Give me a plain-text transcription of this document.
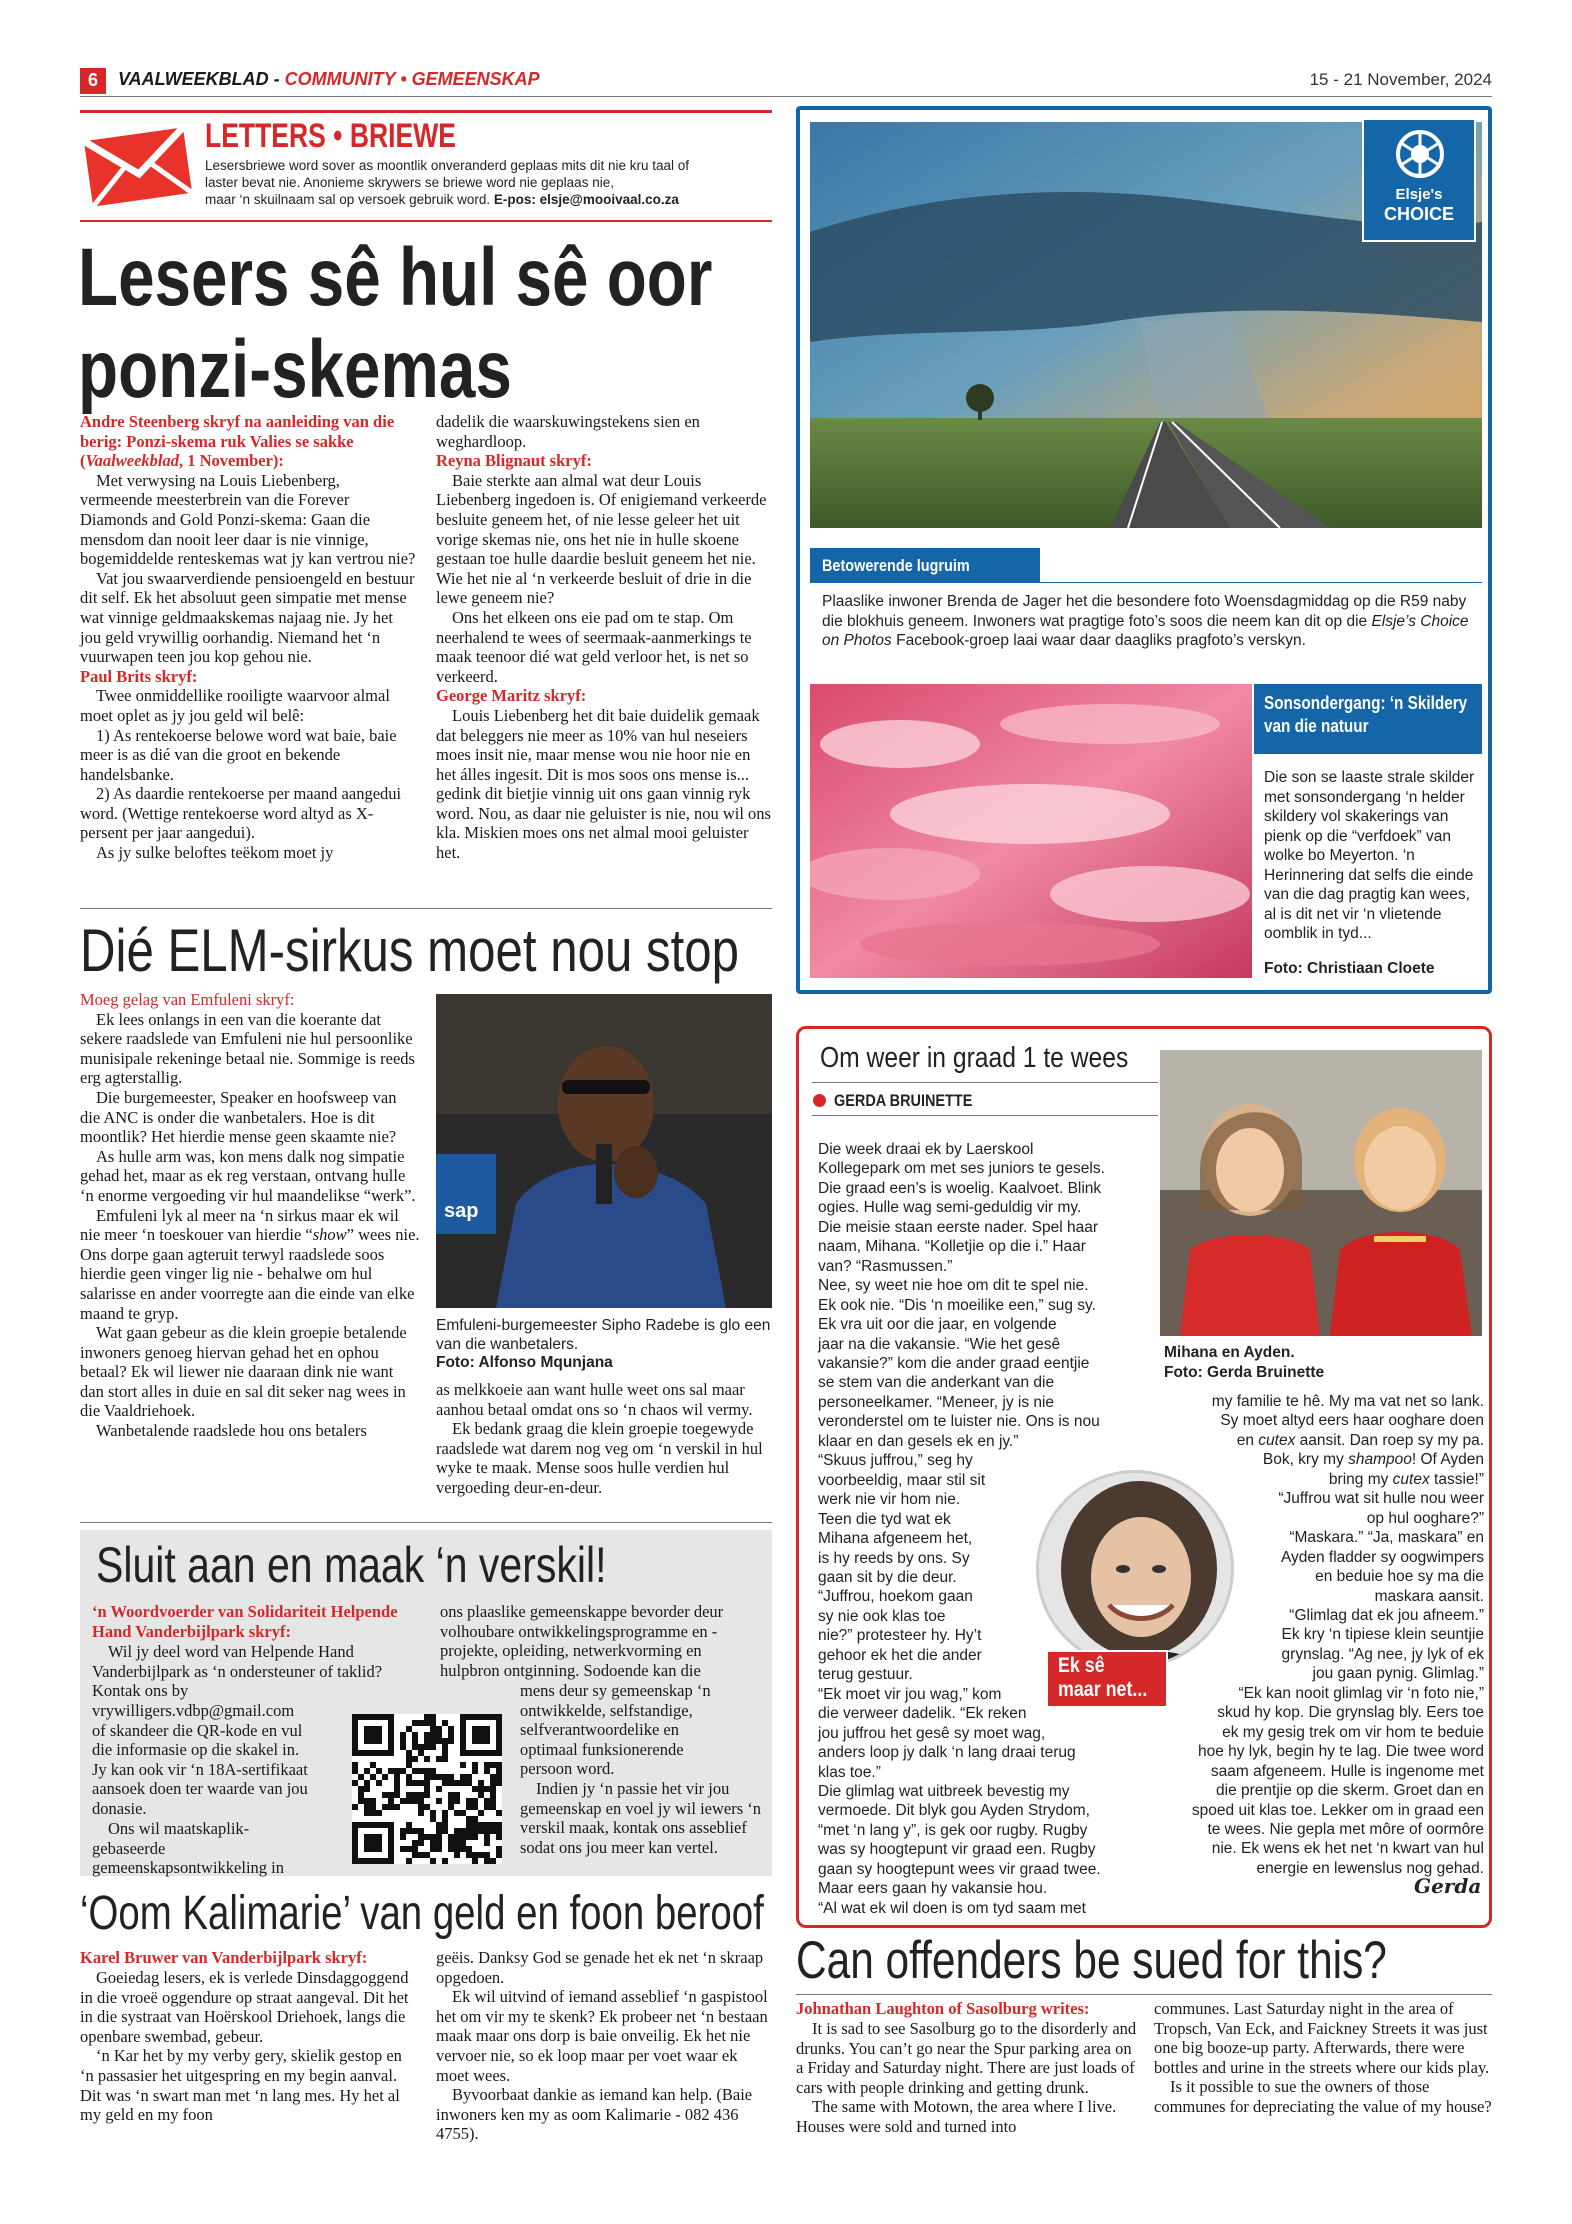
6	VAALWEEKBLAD - COMMUNITY • GEMEENSKAP	15 - 21 November, 2024
LETTERS • BRIEWE
Lesersbriewe word sover as moontlik onveranderd geplaas mits dit nie kru taal of
laster bevat nie. Anonieme skrywers se briewe word nie geplaas nie,
maar ‘n skuilnaam sal op versoek gebruik word. E-pos: elsje@mooivaal.co.za
Lesers sê hul sê oor
ponzi-skemas
Andre Steenberg skryf na aanleiding van die berig: Ponzi-skema ruk Valies se sakke (Vaalweekblad, 1 November):
Met verwysing na Louis Liebenberg, vermeende meesterbrein van die Forever Diamonds and Gold Ponzi-skema: Gaan die mensdom dan nooit leer daar is nie vinnige, bogemiddelde renteskemas wat jy kan vertrou nie?
Vat jou swaarverdiende pensioengeld en bestuur dit self. Ek het absoluut geen simpatie met mense wat vinnige geldmaakskemas najaag nie. Jy het jou geld vrywillig oorhandig. Niemand het ‘n vuurwapen teen jou kop gehou nie.
Paul Brits skryf:
Twee onmiddellike rooiligte waarvoor almal moet oplet as jy jou geld wil belê:
1) As rentekoerse belowe word wat baie, baie meer is as dié van die groot en bekende handelsbanke.
2) As daardie rentekoerse per maand aangedui word. (Wettige rentekoerse word altyd as X-persent per jaar aangedui).
As jy sulke beloftes teëkom moet jy
dadelik die waarskuwingstekens sien en weghardloop.
Reyna Blignaut skryf:
Baie sterkte aan almal wat deur Louis Liebenberg ingedoen is. Of enigiemand verkeerde besluite geneem het, of nie lesse geleer het uit vorige skemas nie, ons het nie in hulle skoene gestaan toe hulle daardie besluit geneem het nie. Wie het nie al ‘n verkeerde besluit of drie in die lewe geneem nie?
Ons het elkeen ons eie pad om te stap. Om neerhalend te wees of seermaak-aanmerkings te maak teenoor dié wat geld verloor het, is net so verkeerd.
George Maritz skryf:
Louis Liebenberg het dit baie duidelik gemaak dat beleggers nie meer as 10% van hul neseiers moes insit nie, maar mense wou nie hoor nie en het álles ingesit. Dit is mos soos ons mense is... gedink dit bietjie vinnig uit ons gaan vinnig ryk word. Nou, as daar nie geluister is nie, nou wil ons kla. Miskien moes ons net almal mooi geluister het.
Elsje's
CHOICE
Betowerende lugruim
Plaaslike inwoner Brenda de Jager het die besondere foto Woensdagmiddag op die R59 naby die blokhuis geneem. Inwoners wat pragtige foto’s soos die neem kan dit op die Elsje’s Choice on Photos Facebook-groep laai waar daar daagliks pragfoto’s verskyn.
Sonsondergang: ‘n Skildery van die natuur
Die son se laaste strale skilder met sonsondergang ‘n helder skildery vol skakerings van pienk op die “verfdoek” van wolke bo Meyerton. ‘n Herinnering dat selfs die einde van die dag pragtig kan wees, al is dit net vir ‘n vlietende oomblik in tyd...
Foto: Christiaan Cloete
Dié ELM-sirkus moet nou stop
Moeg gelag van Emfuleni skryf:
Ek lees onlangs in een van die koerante dat sekere raadslede van Emfuleni nie hul persoonlike munisipale rekeninge betaal nie. Sommige is reeds erg agterstallig.
Die burgemeester, Speaker en hoofsweep van die ANC is onder die wanbetalers. Hoe is dit moontlik? Het hierdie mense geen skaamte nie?
As hulle arm was, kon mens dalk nog simpatie gehad het, maar as ek reg verstaan, ontvang hulle ‘n enorme vergoeding vir hul maandelikse “werk”.
Emfuleni lyk al meer na ‘n sirkus maar ek wil nie meer ‘n toeskouer van hierdie “show” wees nie. Ons dorpe gaan agteruit terwyl raadslede soos hierdie geen vinger lig nie - behalwe om hul salarisse en ander voorregte aan die einde van elke maand te gryp.
Wat gaan gebeur as die klein groepie betalende inwoners genoeg hiervan gehad het en ophou betaal? Ek wil liewer nie daaraan dink nie want dan stort alles in duie en sal dit seker nag wees in die Vaaldriehoek.
Wanbetalende raadslede hou ons betalers
sap
Emfuleni-burgemeester Sipho Radebe is glo een van die wanbetalers.
Foto: Alfonso Mqunjana
as melkkoeie aan want hulle weet ons sal maar aanhou betaal omdat ons so ‘n chaos wil vermy.
Ek bedank graag die klein groepie toegewyde raadslede wat darem nog veg om ‘n verskil in hul wyke te maak. Mense soos hulle verdien hul vergoeding deur-en-deur.
Sluit aan en maak ‘n verskil!
‘n Woordvoerder van Solidariteit Helpende Hand Vanderbijlpark skryf:
Wil jy deel word van Helpende Hand Vanderbijlpark as ‘n ondersteuner of taklid? Kontak ons by
vrywilligers.vdbp@gmail.com
of skandeer die QR-kode en vul
die informasie op die skakel in.
Jy kan ook vir ‘n 18A-sertifikaat
aansoek doen ter waarde van jou
donasie.
Ons wil maatskaplik-
gebaseerde
gemeenskapsontwikkeling in
ons plaaslike gemeenskappe bevorder deur volhoubare ontwikkelingsprogramme en -projekte, opleiding, netwerkvorming en hulpbron ontginning. Sodoende kan die
mens deur sy gemeenskap ‘n
ontwikkelde, selfstandige,
selfverantwoordelike en
optimaal funksionerende
persoon word.
Indien jy ‘n passie het vir jou gemeenskap en voel jy wil iewers ‘n verskil maak, kontak ons asseblief sodat ons jou meer kan vertel.
‘Oom Kalimarie’ van geld en foon beroof
Karel Bruwer van Vanderbijlpark skryf:
Goeiedag lesers, ek is verlede Dinsdaggoggend in die vroeë oggendure op straat aangeval. Dit het in die systraat van Hoërskool Driehoek, langs die openbare swembad, gebeur.
‘n Kar het by my verby gery, skielik gestop en ‘n passasier het uitgespring en my begin aanval. Dit was ‘n swart man met ‘n lang mes. Hy het al my geld en my foon
geëis. Danksy God se genade het ek net ‘n skraap opgedoen.
Ek wil uitvind of iemand asseblief ‘n gaspistool het om vir my te skenk? Ek probeer net ‘n bestaan maak maar ons dorp is baie onveilig. Ek het nie vervoer nie, so ek loop maar per voet waar ek moet wees.
Byvoorbaat dankie as iemand kan help. (Baie inwoners ken my as oom Kalimarie - 082 436 4755).
Om weer in graad 1 te wees
GERDA BRUINETTE
Mihana en Ayden.
Foto: Gerda Bruinette
Die week draai ek by Laerskool
Kollegepark om met ses juniors te gesels.
Die graad een’s is woelig. Kaalvoet. Blink
ogies. Hulle wag semi-geduldig vir my.
Die meisie staan eerste nader. Spel haar
naam, Mihana. “Kolletjie op die i.” Haar
van? “Rasmussen.”
Nee, sy weet nie hoe om dit te spel nie.
Ek ook nie. “Dis ‘n moeilike een,” sug sy.
Ek vra uit oor die jaar, en volgende
jaar na die vakansie. “Wie het gesê
vakansie?” kom die ander graad eentjie
se stem van die anderkant van die
personeelkamer. “Meneer, jy is nie
veronderstel om te luister nie. Ons is nou
klaar en dan gesels ek en jy.”
“Skuus juffrou,” seg hy
voorbeeldig, maar stil sit
werk nie vir hom nie.
Teen die tyd wat ek
Mihana afgeneem het,
is hy reeds by ons. Sy
gaan sit by die deur.
“Juffrou, hoekom gaan
sy nie ook klas toe
nie?” protesteer hy. Hy’t
gehoor ek het die ander
terug gestuur.
“Ek moet vir jou wag,” kom
die verweer dadelik. “Ek reken
jou juffrou het gesê sy moet wag,
anders loop jy dalk ‘n lang draai terug
klas toe.”
Die glimlag wat uitbreek bevestig my
vermoede. Dit blyk gou Ayden Strydom,
“met ‘n lang y”, is gek oor rugby. Rugby
was sy hoogtepunt vir graad een. Rugby
gaan sy hoogtepunt wees vir graad twee.
Maar eers gaan hy vakansie hou.
“Al wat ek wil doen is om tyd saam met
Ek sê
maar net...
my familie te hê. My ma vat net so lank.
Sy moet altyd eers haar ooghare doen
en cutex aansit. Dan roep sy my pa.
Bok, kry my shampoo! Of Ayden
bring my cutex tassie!”
“Juffrou wat sit hulle nou weer
op hul ooghare?”
“Maskara.” “Ja, maskara” en
Ayden fladder sy oogwimpers
en beduie hoe sy ma die
maskara aansit.
“Glimlag dat ek jou afneem.”
Ek kry ‘n tipiese klein seuntjie
grynslag. “Ag nee, jy lyk of ek
jou gaan pynig. Glimlag.”
“Ek kan nooit glimlag vir ‘n foto nie,”
skud hy kop. Die grynslag bly. Eers toe
ek my gesig trek om vir hom te beduie
hoe hy lyk, begin hy te lag. Die twee word
saam afgeneem. Hulle is ingenome met
die prentjie op die skerm. Groet dan en
spoed uit klas toe. Lekker om in graad een
te wees. Nie gepla met môre of oormôre
nie. Ek wens ek het net ‘n kwart van hul
energie en lewenslus nog gehad.
Gerda
Can offenders be sued for this?
Johnathan Laughton of Sasolburg writes:
It is sad to see Sasolburg go to the disorderly and drunks. You can’t go near the Spur parking area on a Friday and Saturday night. There are just loads of cars with people drinking and getting drunk.
The same with Motown, the area where I live. Houses were sold and turned into
communes. Last Saturday night in the area of Tropsch, Van Eck, and Faickney Streets it was just one big booze-up party. Afterwards, there were bottles and urine in the streets where our kids play.
Is it possible to sue the owners of those communes for depreciating the value of my house?
